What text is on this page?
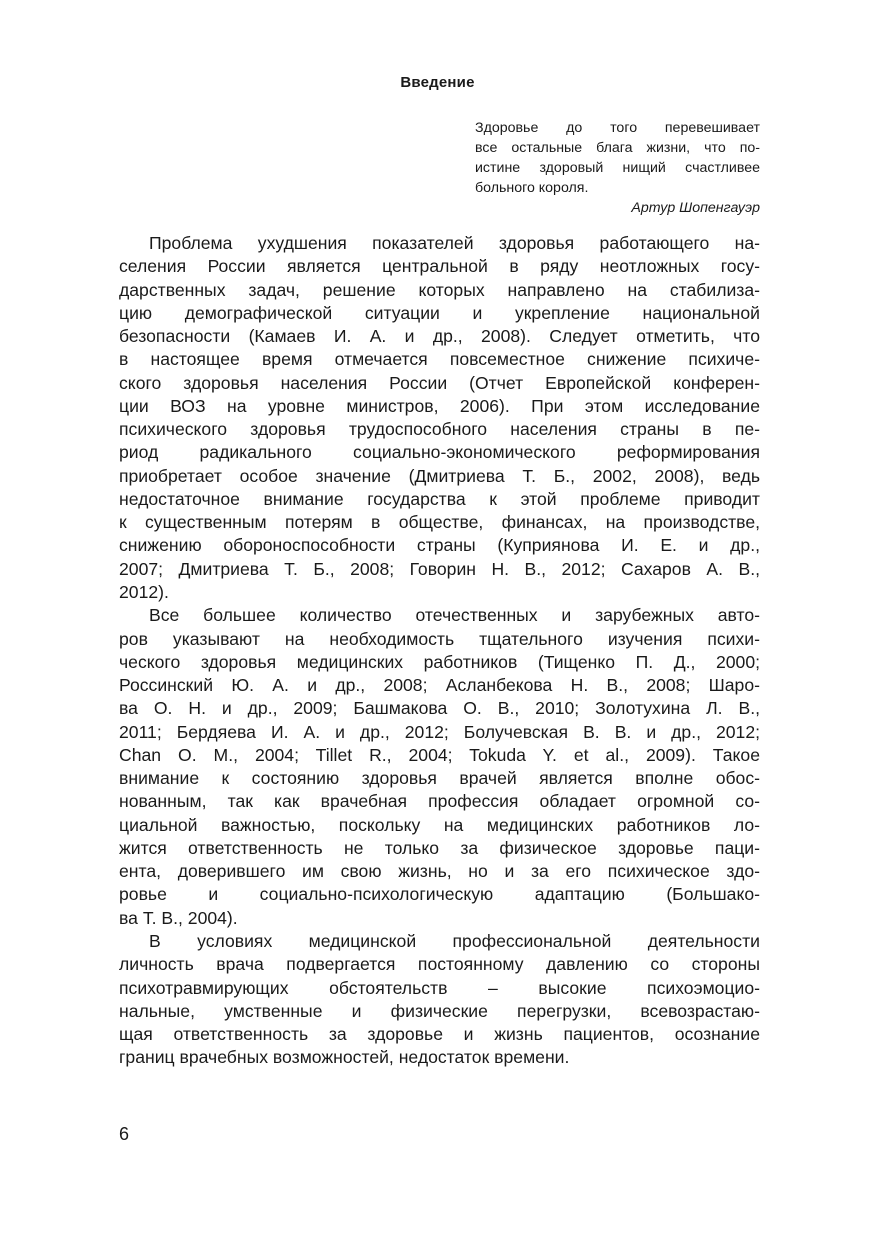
Введение
Здоровье до того перевешивает
все остальные блага жизни, что по-
истине здоровый нищий счастливее
больного короля.
Артур Шопенгауэр

Проблема ухудшения показателей здоровья работающего на-
селения России является центральной в ряду неотложных госу-
дарственных задач, решение которых направлено на стабилиза-
цию демографической ситуации и укрепление национальной
безопасности (Камаев И. А. и др., 2008). Следует отметить, что
в настоящее время отмечается повсеместное снижение психиче-
ского здоровья населения России (Отчет Европейской конферен-
ции ВОЗ на уровне министров, 2006). При этом исследование
психического здоровья трудоспособного населения страны в пе-
риод радикального социально-экономического реформирования
приобретает особое значение (Дмитриева Т. Б., 2002, 2008), ведь
недостаточное внимание государства к этой проблеме приводит
к существенным потерям в обществе, финансах, на производстве,
снижению обороноспособности страны (Куприянова И. Е. и др.,
2007; Дмитриева Т. Б., 2008; Говорин Н. В., 2012; Сахаров А. В.,
2012).

Все большее количество отечественных и зарубежных авто-
ров указывают на необходимость тщательного изучения психи-
ческого здоровья медицинских работников (Тищенко П. Д., 2000;
Россинский Ю. А. и др., 2008; Асланбекова Н. В., 2008; Шаро-
ва О. Н. и др., 2009; Башмакова О. В., 2010; Золотухина Л. В.,
2011; Бердяева И. А. и др., 2012; Болучевская В. В. и др., 2012;
Chan O. M., 2004; Tillet R., 2004; Tokuda Y. et al., 2009). Такое
внимание к состоянию здоровья врачей является вполне обос-
нованным, так как врачебная профессия обладает огромной со-
циальной важностью, поскольку на медицинских работников ло-
жится ответственность не только за физическое здоровье паци-
ента, доверившего им свою жизнь, но и за его психическое здо-
ровье и социально-психологическую адаптацию (Большако-
ва Т. В., 2004).

В условиях медицинской профессиональной деятельности
личность врача подвергается постоянному давлению со стороны
психотравмирующих обстоятельств – высокие психоэмоцио-
нальные, умственные и физические перегрузки, всевозрастаю-
щая ответственность за здоровье и жизнь пациентов, осознание
границ врачебных возможностей, недостаток времени.

6
